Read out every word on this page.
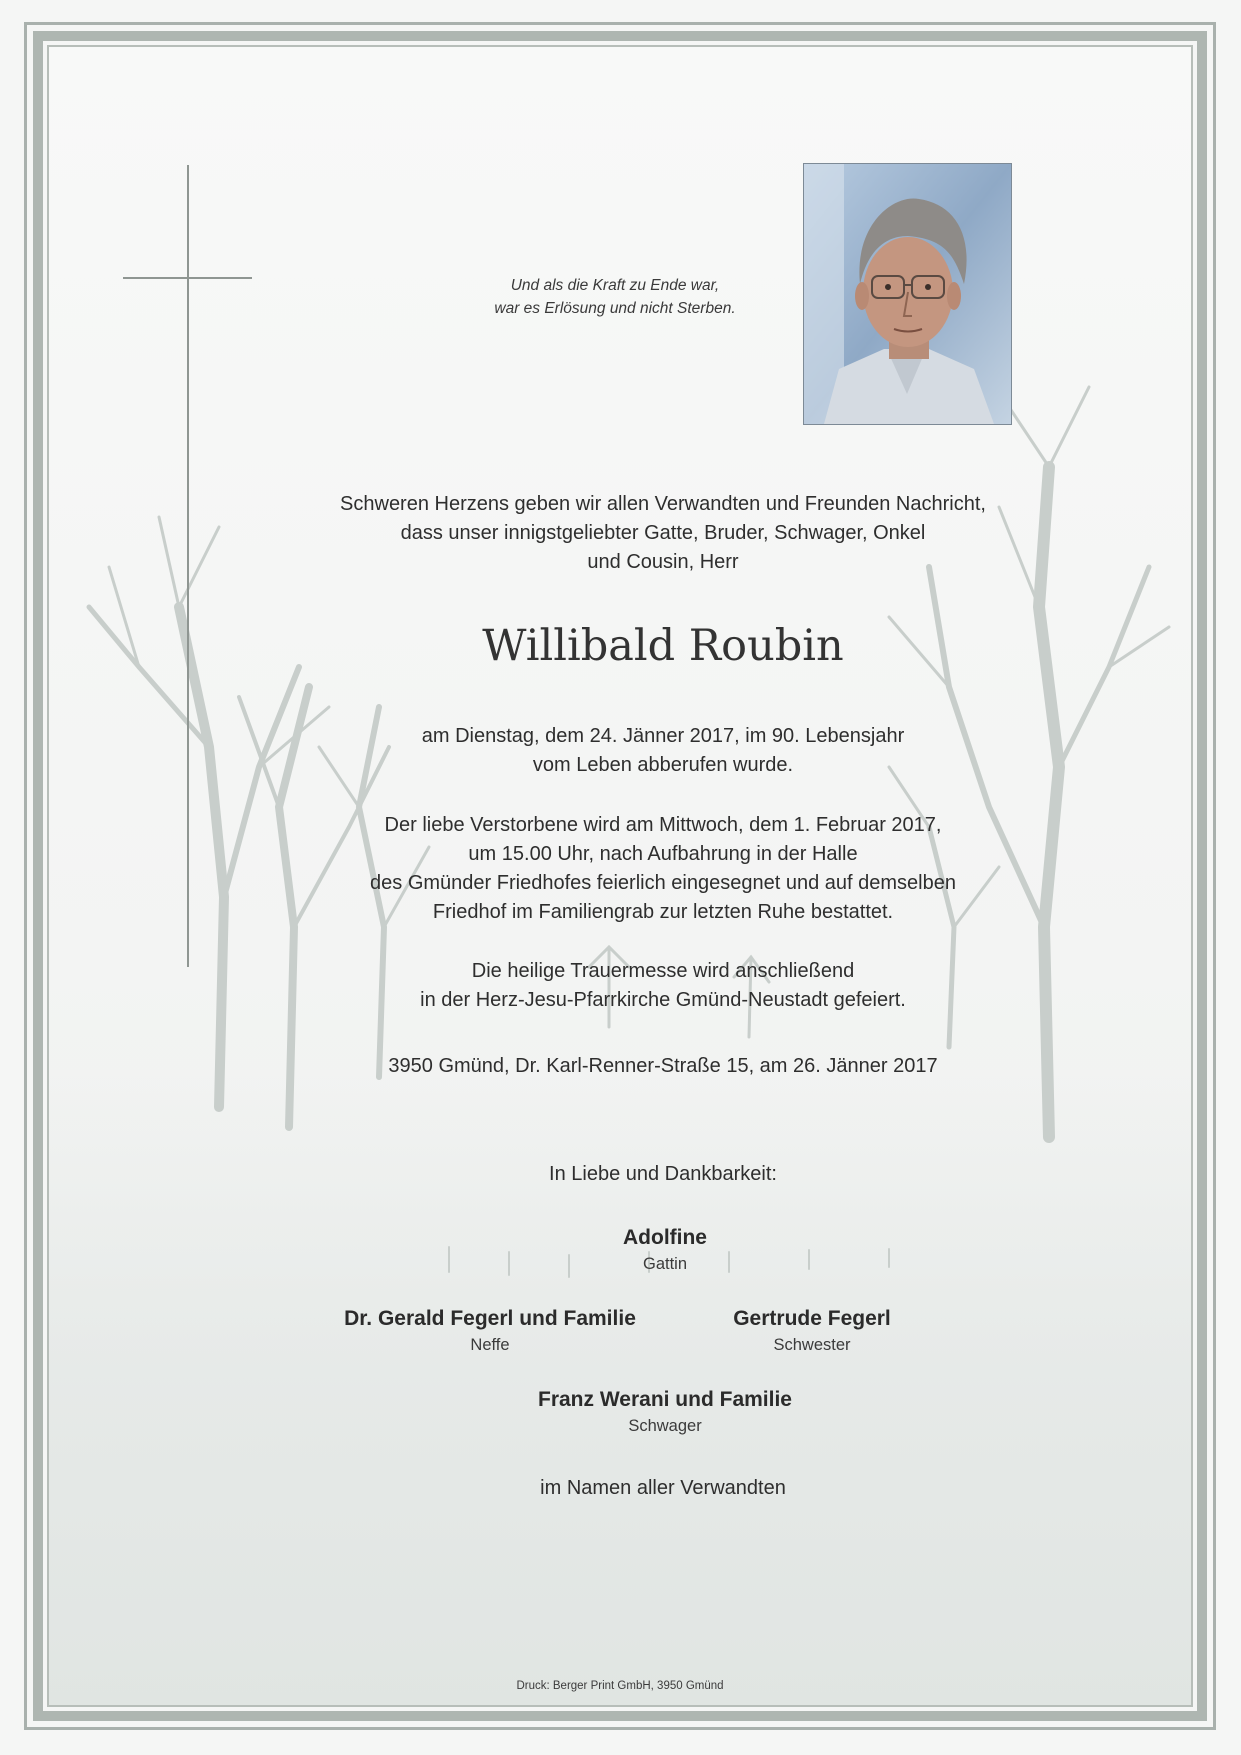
Und als die Kraft zu Ende war,
war es Erlösung und nicht Sterben.
Schweren Herzens geben wir allen Verwandten und Freunden Nachricht,
dass unser innigstgeliebter Gatte, Bruder, Schwager, Onkel
und Cousin, Herr
Willibald Roubin
am Dienstag, dem 24. Jänner 2017, im 90. Lebensjahr
vom Leben abberufen wurde.
Der liebe Verstorbene wird am Mittwoch, dem 1. Februar 2017,
um 15.00 Uhr, nach Aufbahrung in der Halle
des Gmünder Friedhofes feierlich eingesegnet und auf demselben
Friedhof im Familiengrab zur letzten Ruhe bestattet.
Die heilige Trauermesse wird anschließend
in der Herz-Jesu-Pfarrkirche Gmünd-Neustadt gefeiert.
3950 Gmünd, Dr. Karl-Renner-Straße 15, am 26. Jänner 2017
In Liebe und Dankbarkeit:
Adolfine
Gattin
Dr. Gerald Fegerl und Familie
Neffe
Gertrude Fegerl
Schwester
Franz Werani und Familie
Schwager
im Namen aller Verwandten
Druck: Berger Print GmbH, 3950 Gmünd
